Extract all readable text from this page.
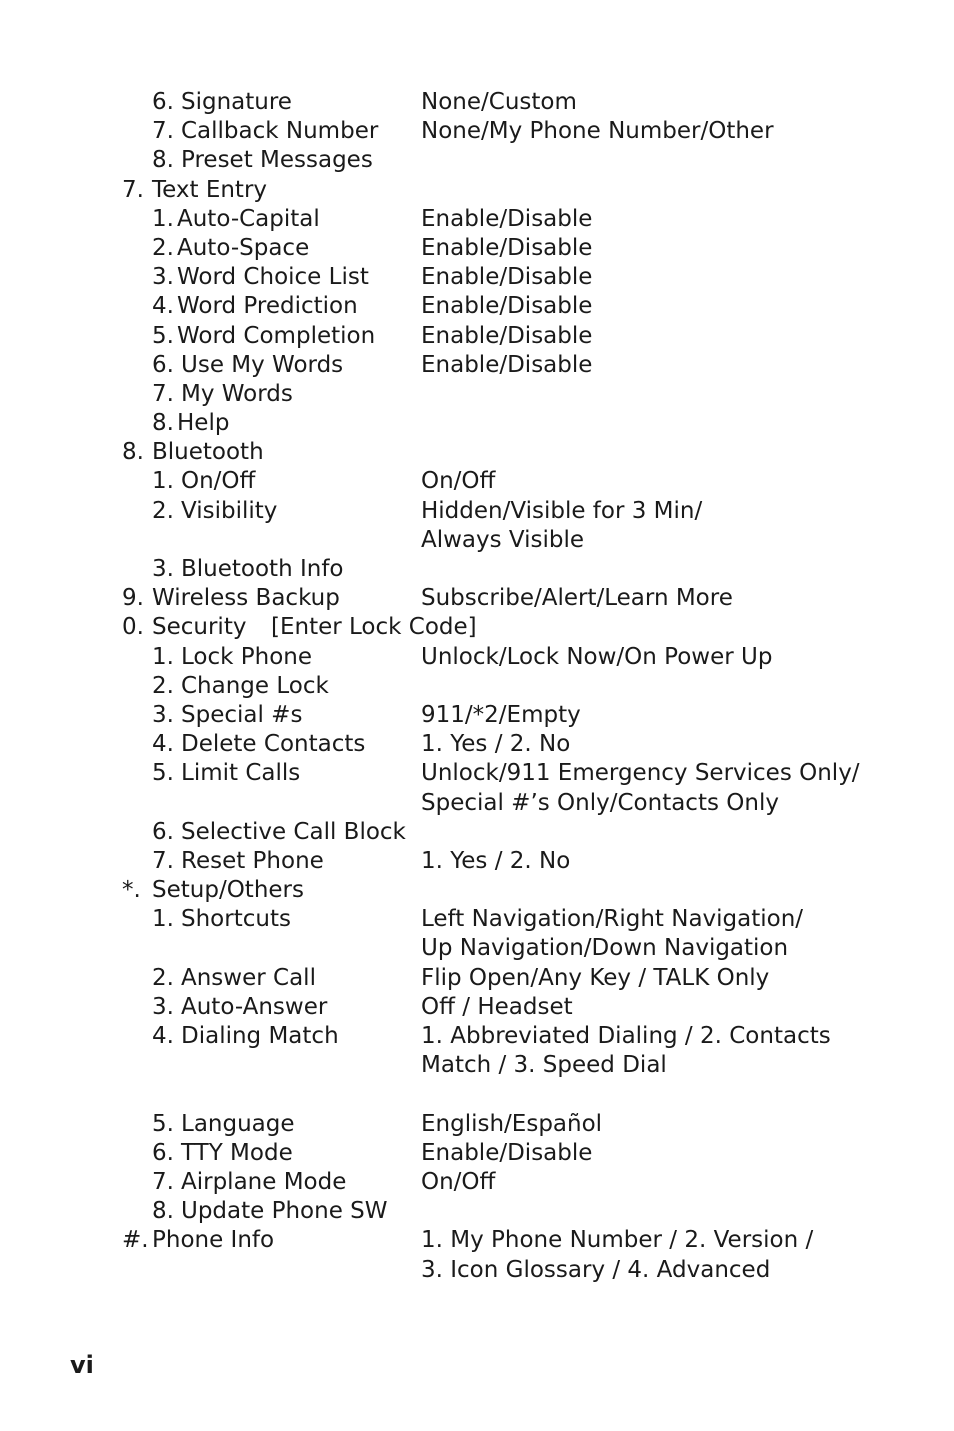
6. Signature	None/Custom
7. Callback Number None/My Phone Number/Other
8. Preset Messages
7. Text Entry
1. Auto-Capital	Enable/Disable
2. Auto-Space	Enable/Disable
3. Word Choice List Enable/Disable
4. Word Prediction	Enable/Disable
5. Word Completion Enable/Disable
6. Use My Words	Enable/Disable
7. My Words
8. Help
8. Bluetooth
1. On/Off	On/Off
2. Visibility	Hidden/Visible for 3 Min/
Always Visible
3. Bluetooth Info
9. Wireless Backup	Subscribe/Alert/Learn More
0. Security [Enter Lock Code]
1. Lock Phone	Unlock/Lock Now/On Power Up
2. Change Lock
3. Special #s	911/*2/Empty
4. Delete Contacts 1. Yes / 2. No
5. Limit Calls	Unlock/911 Emergency Services Only/
Special #’s Only/Contacts Only
6. Selective Call Block
7. Reset Phone	1. Yes / 2. No
*. Setup/Others
1. Shortcuts	Left Navigation/Right Navigation/
Up Navigation/Down Navigation
2. Answer Call	Flip Open/Any Key / TALK Only
3. Auto-Answer	Off / Headset
4. Dialing Match	1. Abbreviated Dialing / 2. Contacts
Match / 3. Speed Dial
5. Language	English/Español
6. TTY Mode	Enable/Disable
7. Airplane Mode	On/Off
8. Update Phone SW
#. Phone Info	1. My Phone Number / 2. Version /
3. Icon Glossary / 4. Advanced
vi
